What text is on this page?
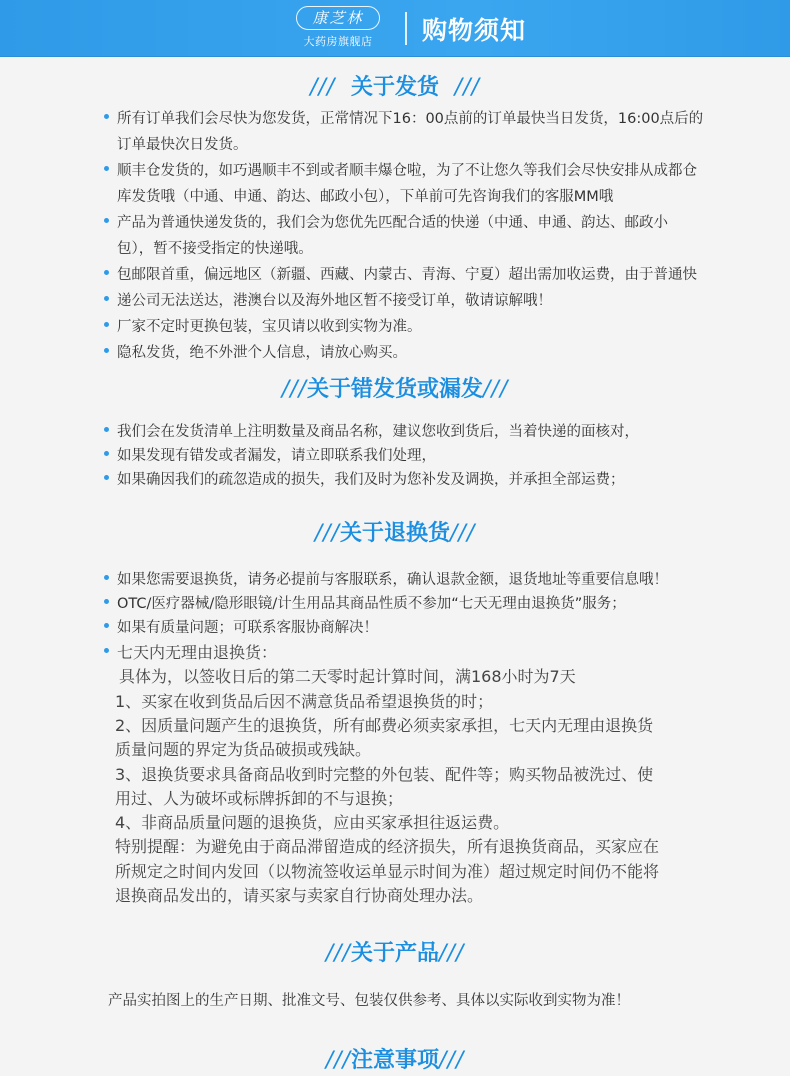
康芝林
大药房旗舰店	购物须知
/// 关于发货 ///
所有订单我们会尽快为您发货，正常情况下16：00点前的订单最快当日发货，16:00点后的
订单最快次日发货。
顺丰仓发货的，如巧遇顺丰不到或者顺丰爆仓啦，为了不让您久等我们会尽快安排从成都仓
库发货哦（中通、申通、韵达、邮政小包），下单前可先咨询我们的客服MM哦
产品为普通快递发货的，我们会为您优先匹配合适的快递（中通、申通、韵达、邮政小
包），暂不接受指定的快递哦。
包邮限首重，偏远地区（新疆、西藏、内蒙古、青海、宁夏）超出需加收运费，由于普通快
递公司无法送达，港澳台以及海外地区暂不接受订单，敬请谅解哦！
厂家不定时更换包装，宝贝请以收到实物为准。
隐私发货，绝不外泄个人信息，请放心购买。
///关于错发货或漏发///
我们会在发货清单上注明数量及商品名称，建议您收到货后，当着快递的面核对，
如果发现有错发或者漏发，请立即联系我们处理，
如果确因我们的疏忽造成的损失，我们及时为您补发及调换，并承担全部运费；
///关于退换货///
如果您需要退换货，请务必提前与客服联系，确认退款金额，退货地址等重要信息哦！
OTC/医疗器械/隐形眼镜/计生用品其商品性质不参加“七天无理由退换货”服务；
如果有质量问题；可联系客服协商解决！
七天内无理由退换货：
具体为，以签收日后的第二天零时起计算时间，满168小时为7天
1、买家在收到货品后因不满意货品希望退换货的时；
2、因质量问题产生的退换货，所有邮费必须卖家承担，七天内无理由退换货
质量问题的界定为货品破损或残缺。
3、退换货要求具备商品收到时完整的外包装、配件等；购买物品被洗过、使
用过、人为破坏或标牌拆卸的不与退换；
4、非商品质量问题的退换货，应由买家承担往返运费。
特别提醒：为避免由于商品滞留造成的经济损失，所有退换货商品，买家应在
所规定之时间内发回（以物流签收运单显示时间为准）超过规定时间仍不能将
退换商品发出的，请买家与卖家自行协商处理办法。
///关于产品///
产品实拍图上的生产日期、批准文号、包装仅供参考、具体以实际收到实物为准！
///注意事项///
